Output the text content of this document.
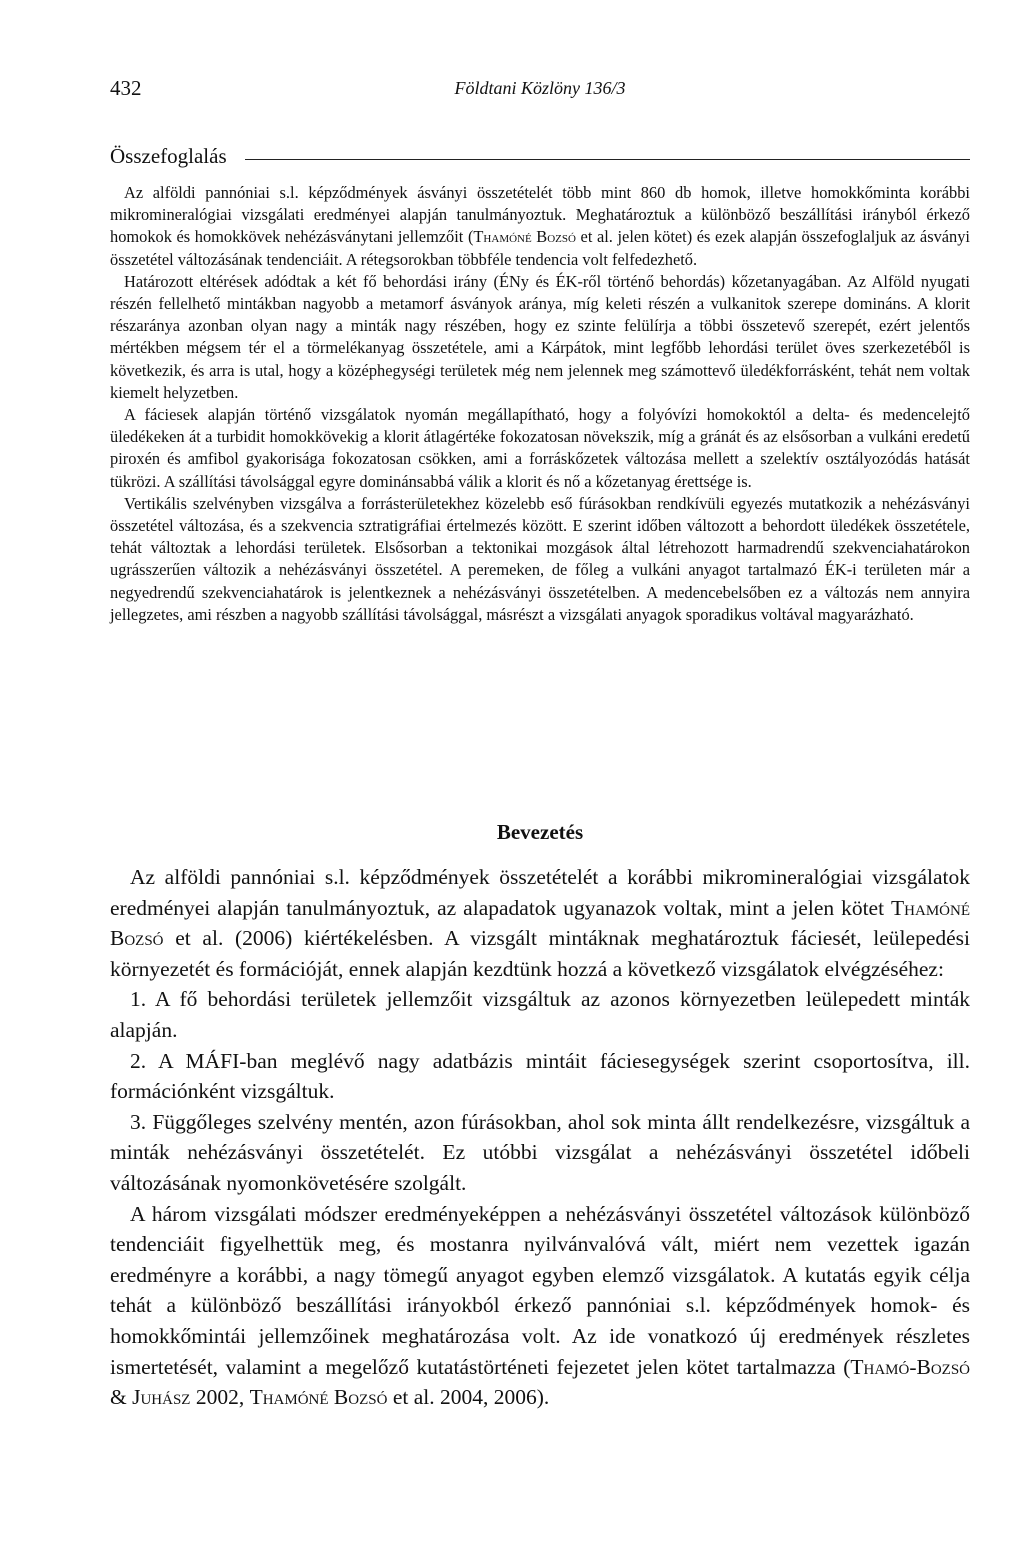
432	Földtani Közlöny 136/3
Összefoglalás

Az alföldi pannóniai s.l. képződmények ásványi összetételét több mint 860 db homok, illetve homokkőminta korábbi mikromineralógiai vizsgálati eredményei alapján tanulmányoztuk. Meghatároztuk a különböző beszállítási irányból érkező homokok és homokkövek nehézásványtani jellemzőit (Thamóné Bozsó et al. jelen kötet) és ezek alapján összefoglaljuk az ásványi összetétel változásának tendenciáit. A rétegsorokban többféle tendencia volt felfedezhető.

Határozott eltérések adódtak a két fő behordási irány (ÉNy és ÉK-ről történő behordás) kőzetanyagában. Az Alföld nyugati részén fellelhető mintákban nagyobb a metamorf ásványok aránya, míg keleti részén a vulkanitok szerepe domináns. A klorit részaránya azonban olyan nagy a minták nagy részében, hogy ez szinte felülírja a többi összetevő szerepét, ezért jelentős mértékben mégsem tér el a törmelékanyag összetétele, ami a Kárpátok, mint legfőbb lehordási terület öves szerkezetéből is következik, és arra is utal, hogy a középhegységi területek még nem jelennek meg számottevő üledékforrásként, tehát nem voltak kiemelt helyzetben.

A fáciesek alapján történő vizsgálatok nyomán megállapítható, hogy a folyóvízi homokoktól a delta- és medencelejtő üledékeken át a turbidit homokkövekig a klorit átlagértéke fokozatosan növekszik, míg a gránát és az elsősorban a vulkáni eredetű piroxén és amfibol gyakorisága fokozatosan csökken, ami a forráskőzetek változása mellett a szelektív osztályozódás hatását tükrözi. A szállítási távolsággal egyre dominánsabbá válik a klorit és nő a kőzetanyag érettsége is.

Vertikális szelvényben vizsgálva a forrásterületekhez közelebb eső fúrásokban rendkívüli egyezés mutatkozik a nehézásványi összetétel változása, és a szekvencia sztratigráfiai értelmezés között. E szerint időben változott a behordott üledékek összetétele, tehát változtak a lehordási területek. Elsősorban a tektonikai mozgások által létrehozott harmadrendű szekvenciahatárokon ugrásszerűen változik a nehézásványi összetétel. A peremeken, de főleg a vulkáni anyagot tartalmazó ÉK-i területen már a negyedrendű szekvenciahatárok is jelentkeznek a nehézásványi összetételben. A medencebelsőben ez a változás nem annyira jellegzetes, ami részben a nagyobb szállítási távolsággal, másrészt a vizsgálati anyagok sporadikus voltával magyarázható.

Bevezetés

Az alföldi pannóniai s.l. képződmények összetételét a korábbi mikromineralógiai vizsgálatok eredményei alapján tanulmányoztuk, az alapadatok ugyanazok voltak, mint a jelen kötet Thamóné Bozsó et al. (2006) kiértékelésben. A vizsgált mintáknak meghatároztuk fáciesét, leülepedési környezetét és formációját, ennek alapján kezdtünk hozzá a következő vizsgálatok elvégzéséhez:

1. A fő behordási területek jellemzőit vizsgáltuk az azonos környezetben leülepedett minták alapján.
2. A MÁFI-ban meglévő nagy adatbázis mintáit fáciesegységek szerint csoportosítva, ill. formációnként vizsgáltuk.
3. Függőleges szelvény mentén, azon fúrásokban, ahol sok minta állt rendelkezésre, vizsgáltuk a minták nehézásványi összetételét. Ez utóbbi vizsgálat a nehézásványi összetétel időbeli változásának nyomonkövetésére szolgált.

A három vizsgálati módszer eredményeképpen a nehézásványi összetétel változások különböző tendenciáit figyelhettük meg, és mostanra nyilvánvalóvá vált, miért nem vezettek igazán eredményre a korábbi, a nagy tömegű anyagot egyben elemző vizsgálatok. A kutatás egyik célja tehát a különböző beszállítási irányokból érkező pannóniai s.l. képződmények homok- és homokkőmintái jellemzőinek meghatározása volt. Az ide vonatkozó új eredmények részletes ismertetését, valamint a megelőző kutatástörténeti fejezetet jelen kötet tartalmazza (Thamó-Bozsó & Juhász 2002, Thamóné Bozsó et al. 2004, 2006).
